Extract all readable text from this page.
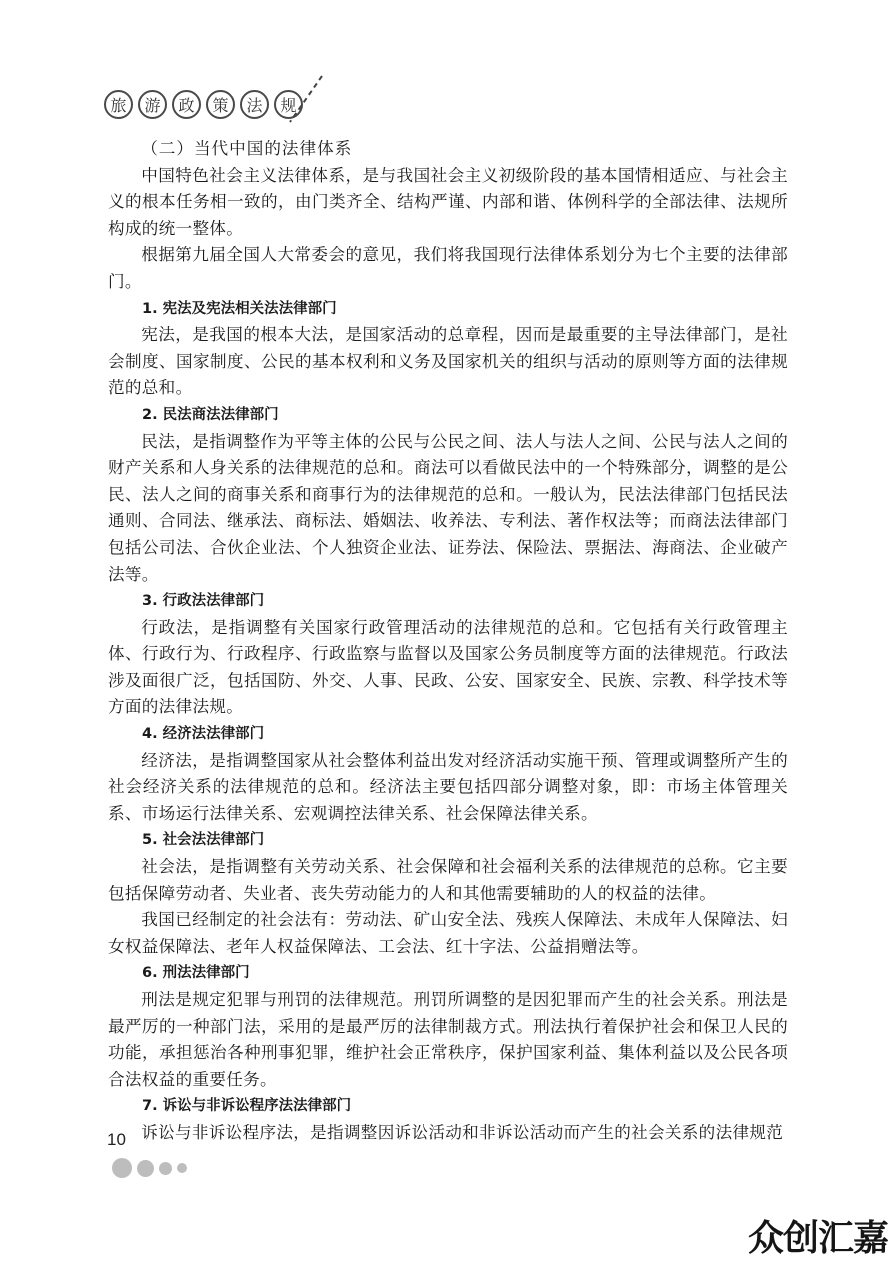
旅	游	政	策	法	规
（二）当代中国的法律体系

中国特色社会主义法律体系，是与我国社会主义初级阶段的基本国情相适应、与社会主义的根本任务相一致的，由门类齐全、结构严谨、内部和谐、体例科学的全部法律、法规所构成的统一整体。

根据第九届全国人大常委会的意见，我们将我国现行法律体系划分为七个主要的法律部门。

1. 宪法及宪法相关法法律部门

宪法，是我国的根本大法，是国家活动的总章程，因而是最重要的主导法律部门，是社会制度、国家制度、公民的基本权利和义务及国家机关的组织与活动的原则等方面的法律规范的总和。

2. 民法商法法律部门

民法，是指调整作为平等主体的公民与公民之间、法人与法人之间、公民与法人之间的财产关系和人身关系的法律规范的总和。商法可以看做民法中的一个特殊部分，调整的是公民、法人之间的商事关系和商事行为的法律规范的总和。一般认为，民法法律部门包括民法通则、合同法、继承法、商标法、婚姻法、收养法、专利法、著作权法等；而商法法律部门包括公司法、合伙企业法、个人独资企业法、证券法、保险法、票据法、海商法、企业破产法等。

3. 行政法法律部门

行政法，是指调整有关国家行政管理活动的法律规范的总和。它包括有关行政管理主体、行政行为、行政程序、行政监察与监督以及国家公务员制度等方面的法律规范。行政法涉及面很广泛，包括国防、外交、人事、民政、公安、国家安全、民族、宗教、科学技术等方面的法律法规。

4. 经济法法律部门

经济法，是指调整国家从社会整体利益出发对经济活动实施干预、管理或调整所产生的社会经济关系的法律规范的总和。经济法主要包括四部分调整对象，即：市场主体管理关系、市场运行法律关系、宏观调控法律关系、社会保障法律关系。

5. 社会法法律部门

社会法，是指调整有关劳动关系、社会保障和社会福利关系的法律规范的总称。它主要包括保障劳动者、失业者、丧失劳动能力的人和其他需要辅助的人的权益的法律。

我国已经制定的社会法有：劳动法、矿山安全法、残疾人保障法、未成年人保障法、妇女权益保障法、老年人权益保障法、工会法、红十字法、公益捐赠法等。

6. 刑法法律部门

刑法是规定犯罪与刑罚的法律规范。刑罚所调整的是因犯罪而产生的社会关系。刑法是最严厉的一种部门法，采用的是最严厉的法律制裁方式。刑法执行着保护社会和保卫人民的功能，承担惩治各种刑事犯罪，维护社会正常秩序，保护国家利益、集体利益以及公民各项合法权益的重要任务。

7. 诉讼与非诉讼程序法法律部门

诉讼与非诉讼程序法，是指调整因诉讼活动和非诉讼活动而产生的社会关系的法律规范

10
众创汇嘉
